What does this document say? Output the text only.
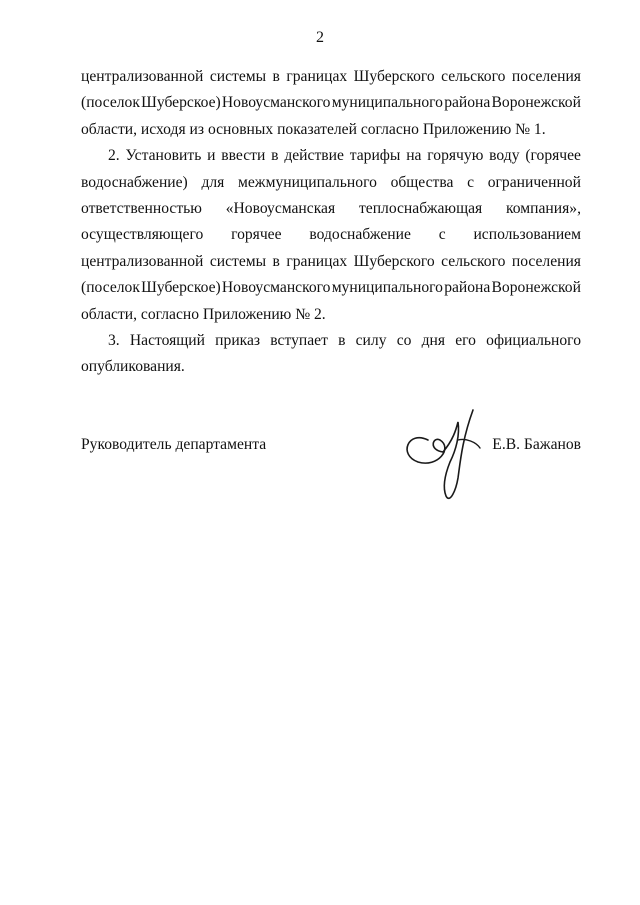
2
централизованной системы в границах Шуберского сельского поселения
(поселок Шуберское) Новоусманского муниципального района Воронежской
области, исходя из основных показателей согласно Приложению № 1.
2. Установить и ввести в действие тарифы на горячую воду (горячее
водоснабжение) для межмуниципального общества с ограниченной
ответственностью «Новоусманская теплоснабжающая компания»,
осуществляющего горячее водоснабжение с использованием
централизованной системы в границах Шуберского сельского поселения
(поселок Шуберское) Новоусманского муниципального района Воронежской
области, согласно Приложению № 2.
3. Настоящий приказ вступает в силу со дня его официального
опубликования.
Руководитель департамента	Е.В. Бажанов
